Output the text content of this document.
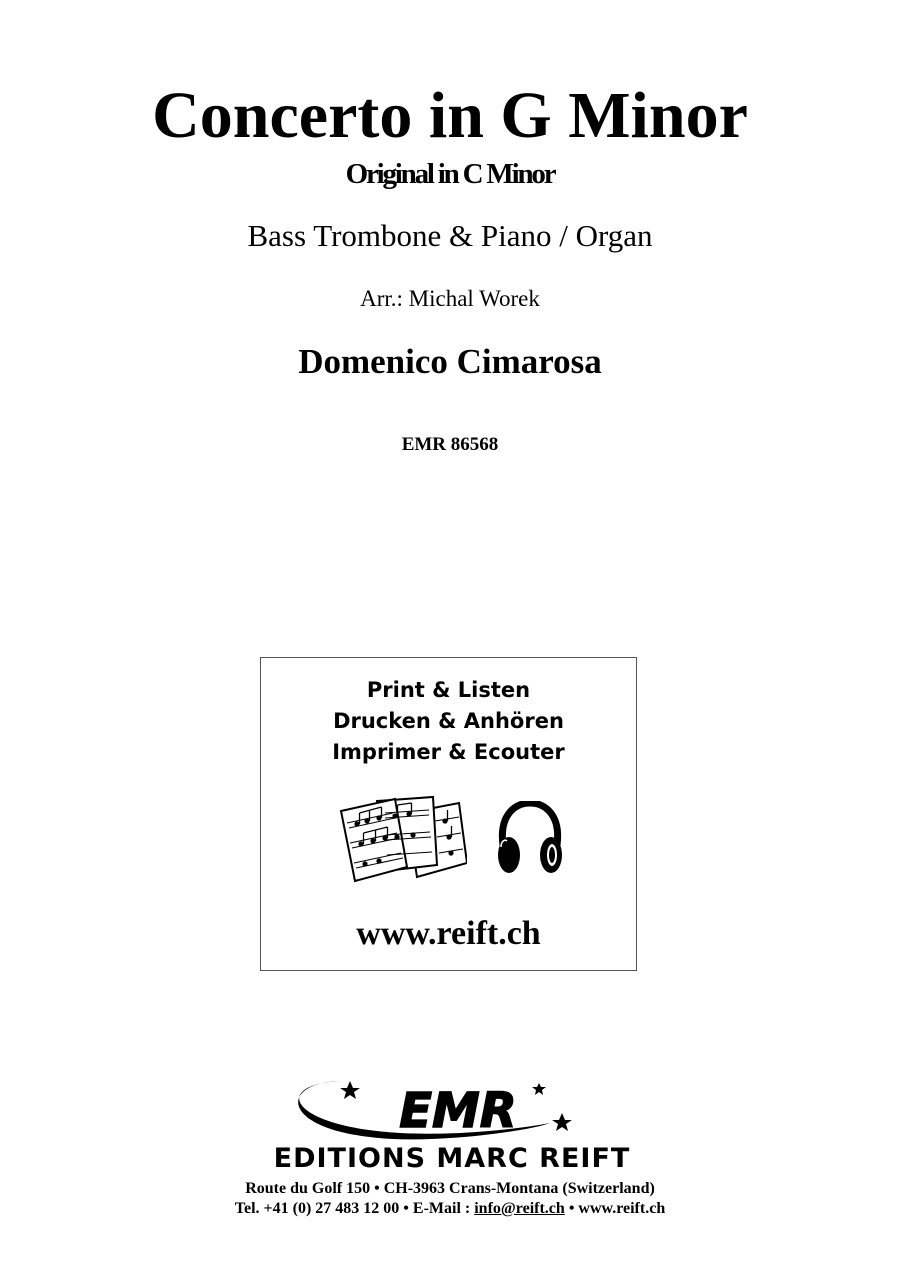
Concerto in G Minor
Original in C Minor
Bass Trombone & Piano / Organ
Arr.: Michal Worek
Domenico Cimarosa
EMR 86568
Print & Listen
Drucken & Anhören
Imprimer & Ecouter
www.reift.ch
EMR
EDITIONS MARC REIFT
Route du Golf 150 • CH-3963 Crans-Montana (Switzerland)
Tel. +41 (0) 27 483 12 00 • E-Mail : info@reift.ch • www.reift.ch
